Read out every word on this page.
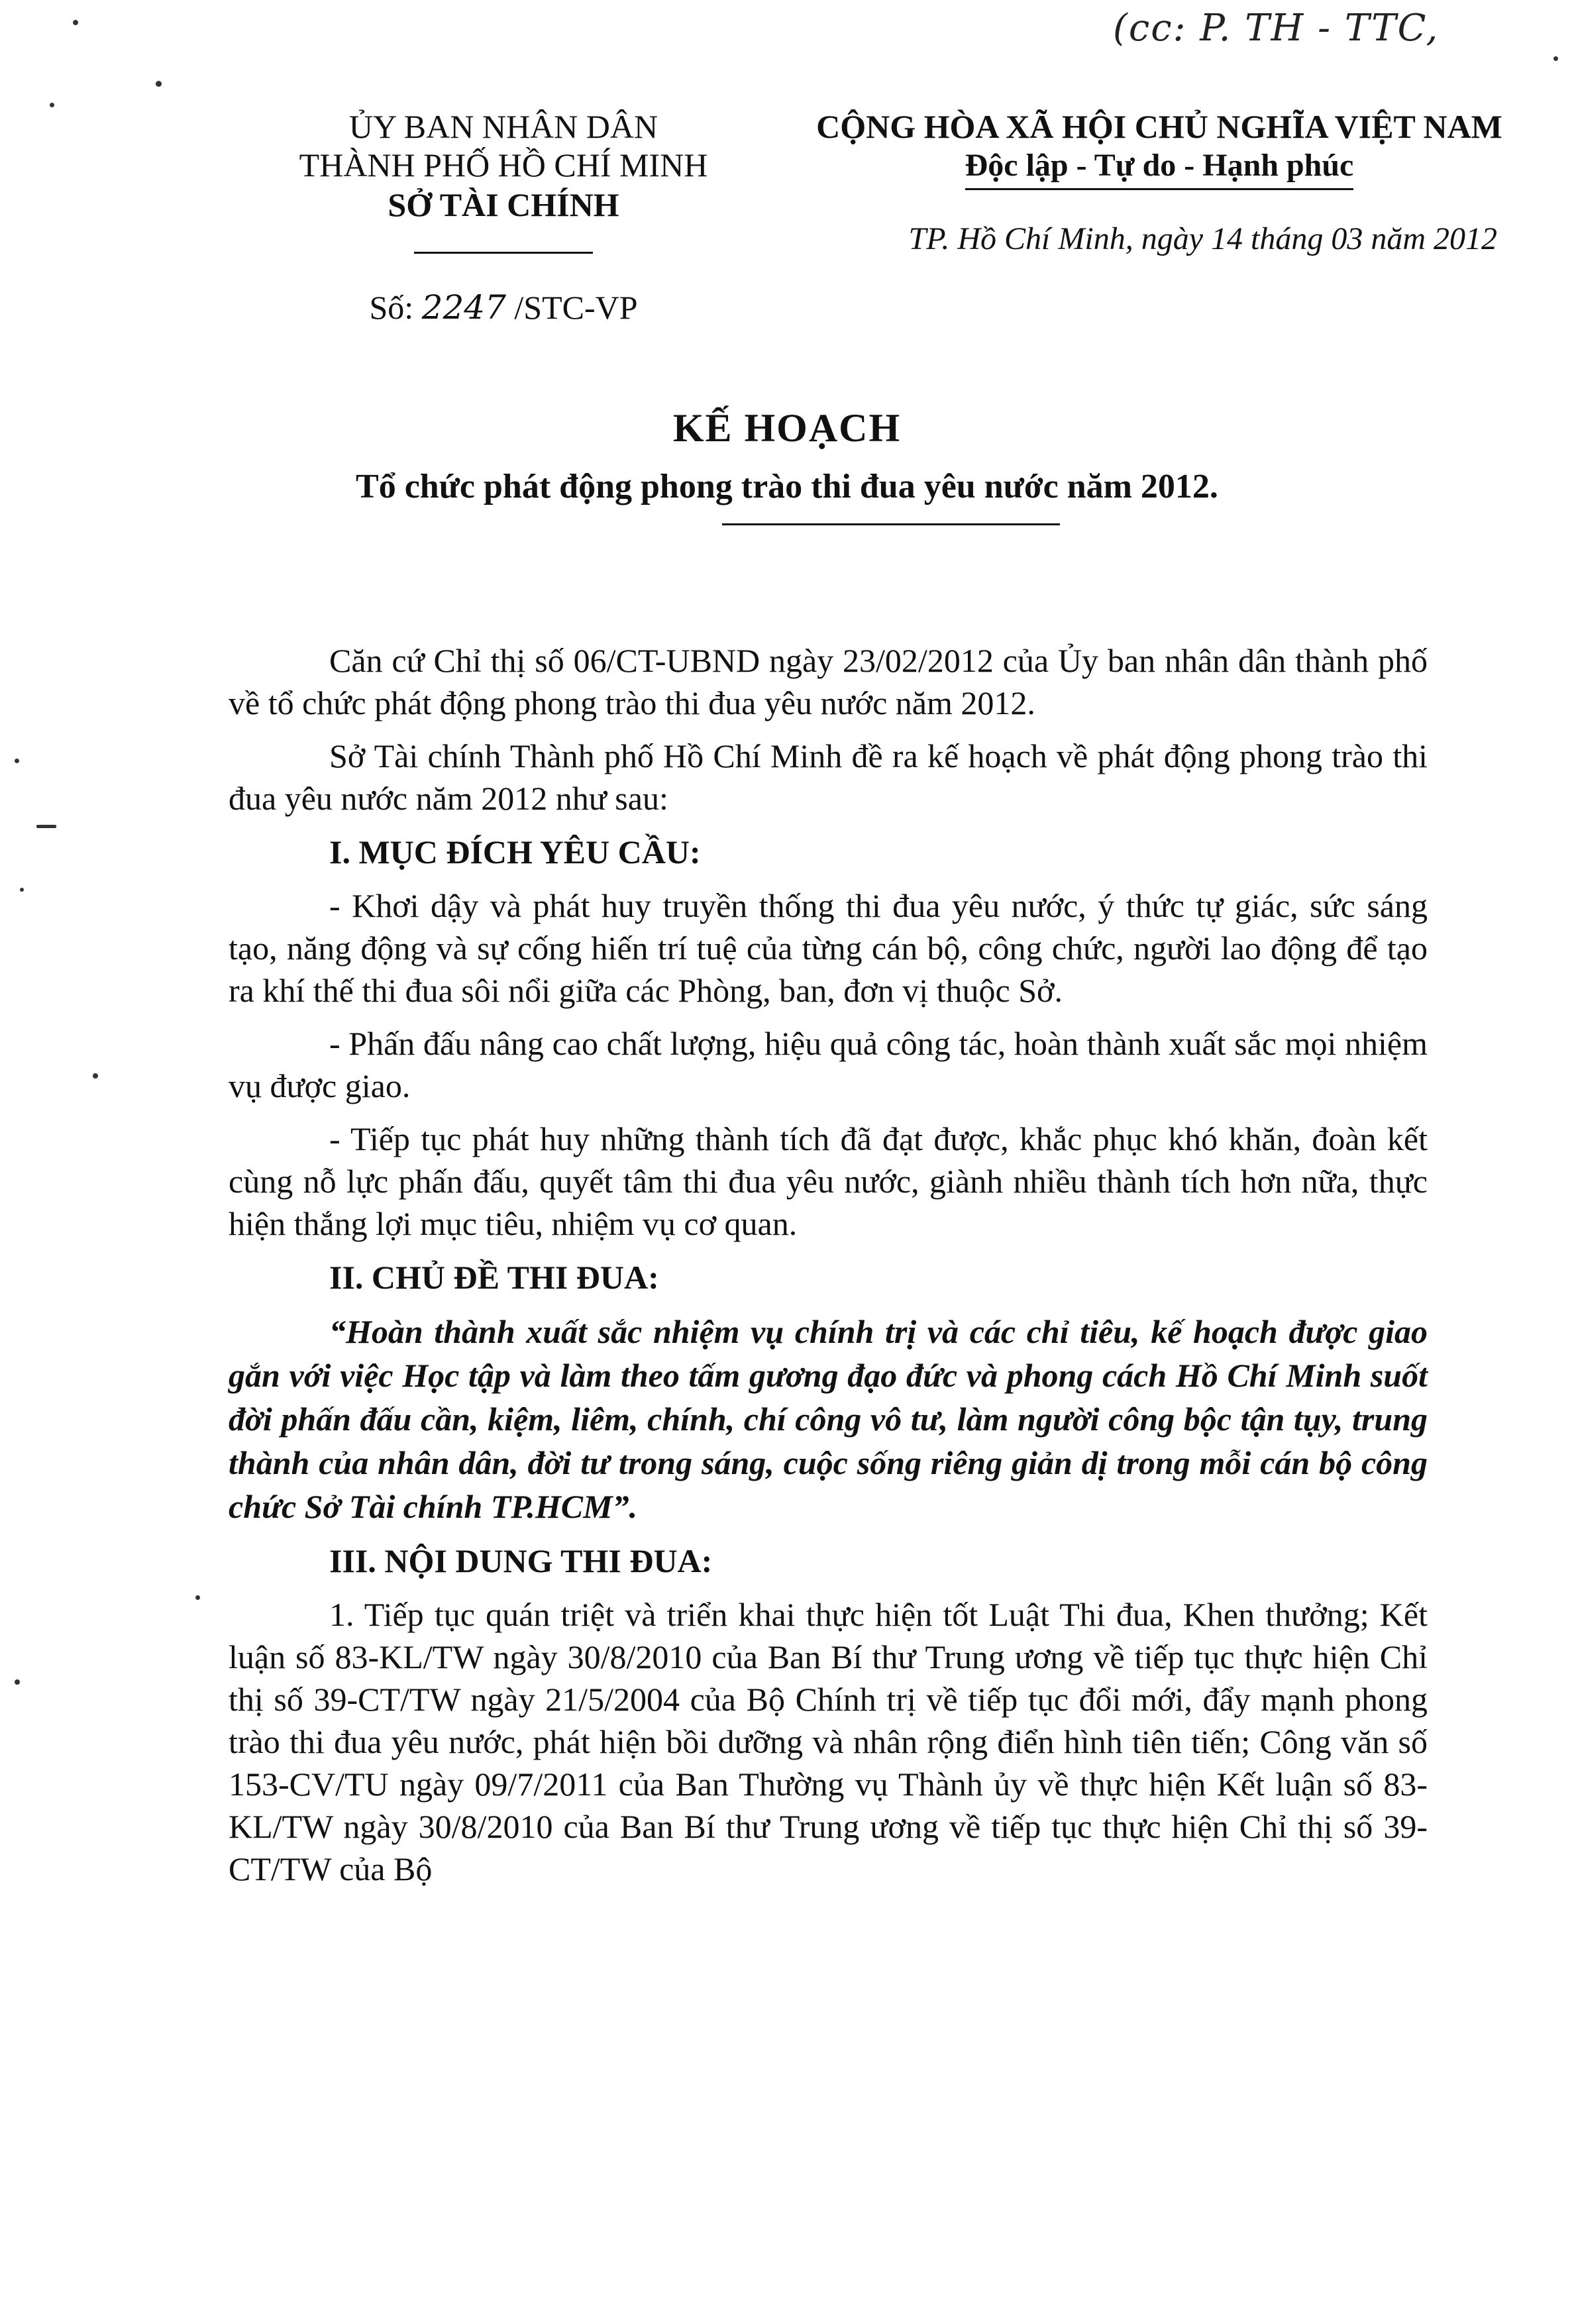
(cc: P. TH - TTC,
ỦY BAN NHÂN DÂN
THÀNH PHỐ HỒ CHÍ MINH
SỞ TÀI CHÍNH
Số: 2247 /STC-VP
CỘNG HÒA XÃ HỘI CHỦ NGHĨA VIỆT NAM
Độc lập - Tự do - Hạnh phúc
TP. Hồ Chí Minh, ngày 14 tháng 03 năm 2012
KẾ HOẠCH
Tổ chức phát động phong trào thi đua yêu nước năm 2012.

Căn cứ Chỉ thị số 06/CT-UBND ngày 23/02/2012 của Ủy ban nhân dân thành phố về tổ chức phát động phong trào thi đua yêu nước năm 2012.

Sở Tài chính Thành phố Hồ Chí Minh đề ra kế hoạch về phát động phong trào thi đua yêu nước năm 2012 như sau:

I. MỤC ĐÍCH YÊU CẦU:

- Khơi dậy và phát huy truyền thống thi đua yêu nước, ý thức tự giác, sức sáng tạo, năng động và sự cống hiến trí tuệ của từng cán bộ, công chức, người lao động để tạo ra khí thế thi đua sôi nổi giữa các Phòng, ban, đơn vị thuộc Sở.

- Phấn đấu nâng cao chất lượng, hiệu quả công tác, hoàn thành xuất sắc mọi nhiệm vụ được giao.

- Tiếp tục phát huy những thành tích đã đạt được, khắc phục khó khăn, đoàn kết cùng nỗ lực phấn đấu, quyết tâm thi đua yêu nước, giành nhiều thành tích hơn nữa, thực hiện thắng lợi mục tiêu, nhiệm vụ cơ quan.

II. CHỦ ĐỀ THI ĐUA:

“Hoàn thành xuất sắc nhiệm vụ chính trị và các chỉ tiêu, kế hoạch được giao gắn với việc Học tập và làm theo tấm gương đạo đức và phong cách Hồ Chí Minh suốt đời phấn đấu cần, kiệm, liêm, chính, chí công vô tư, làm người công bộc tận tụy, trung thành của nhân dân, đời tư trong sáng, cuộc sống riêng giản dị trong mỗi cán bộ công chức Sở Tài chính TP.HCM”.

III. NỘI DUNG THI ĐUA:

1. Tiếp tục quán triệt và triển khai thực hiện tốt Luật Thi đua, Khen thưởng; Kết luận số 83-KL/TW ngày 30/8/2010 của Ban Bí thư Trung ương về tiếp tục thực hiện Chỉ thị số 39-CT/TW ngày 21/5/2004 của Bộ Chính trị về tiếp tục đổi mới, đẩy mạnh phong trào thi đua yêu nước, phát hiện bồi dưỡng và nhân rộng điển hình tiên tiến; Công văn số 153-CV/TU ngày 09/7/2011 của Ban Thường vụ Thành ủy về thực hiện Kết luận số 83-KL/TW ngày 30/8/2010 của Ban Bí thư Trung ương về tiếp tục thực hiện Chỉ thị số 39-CT/TW của Bộ
